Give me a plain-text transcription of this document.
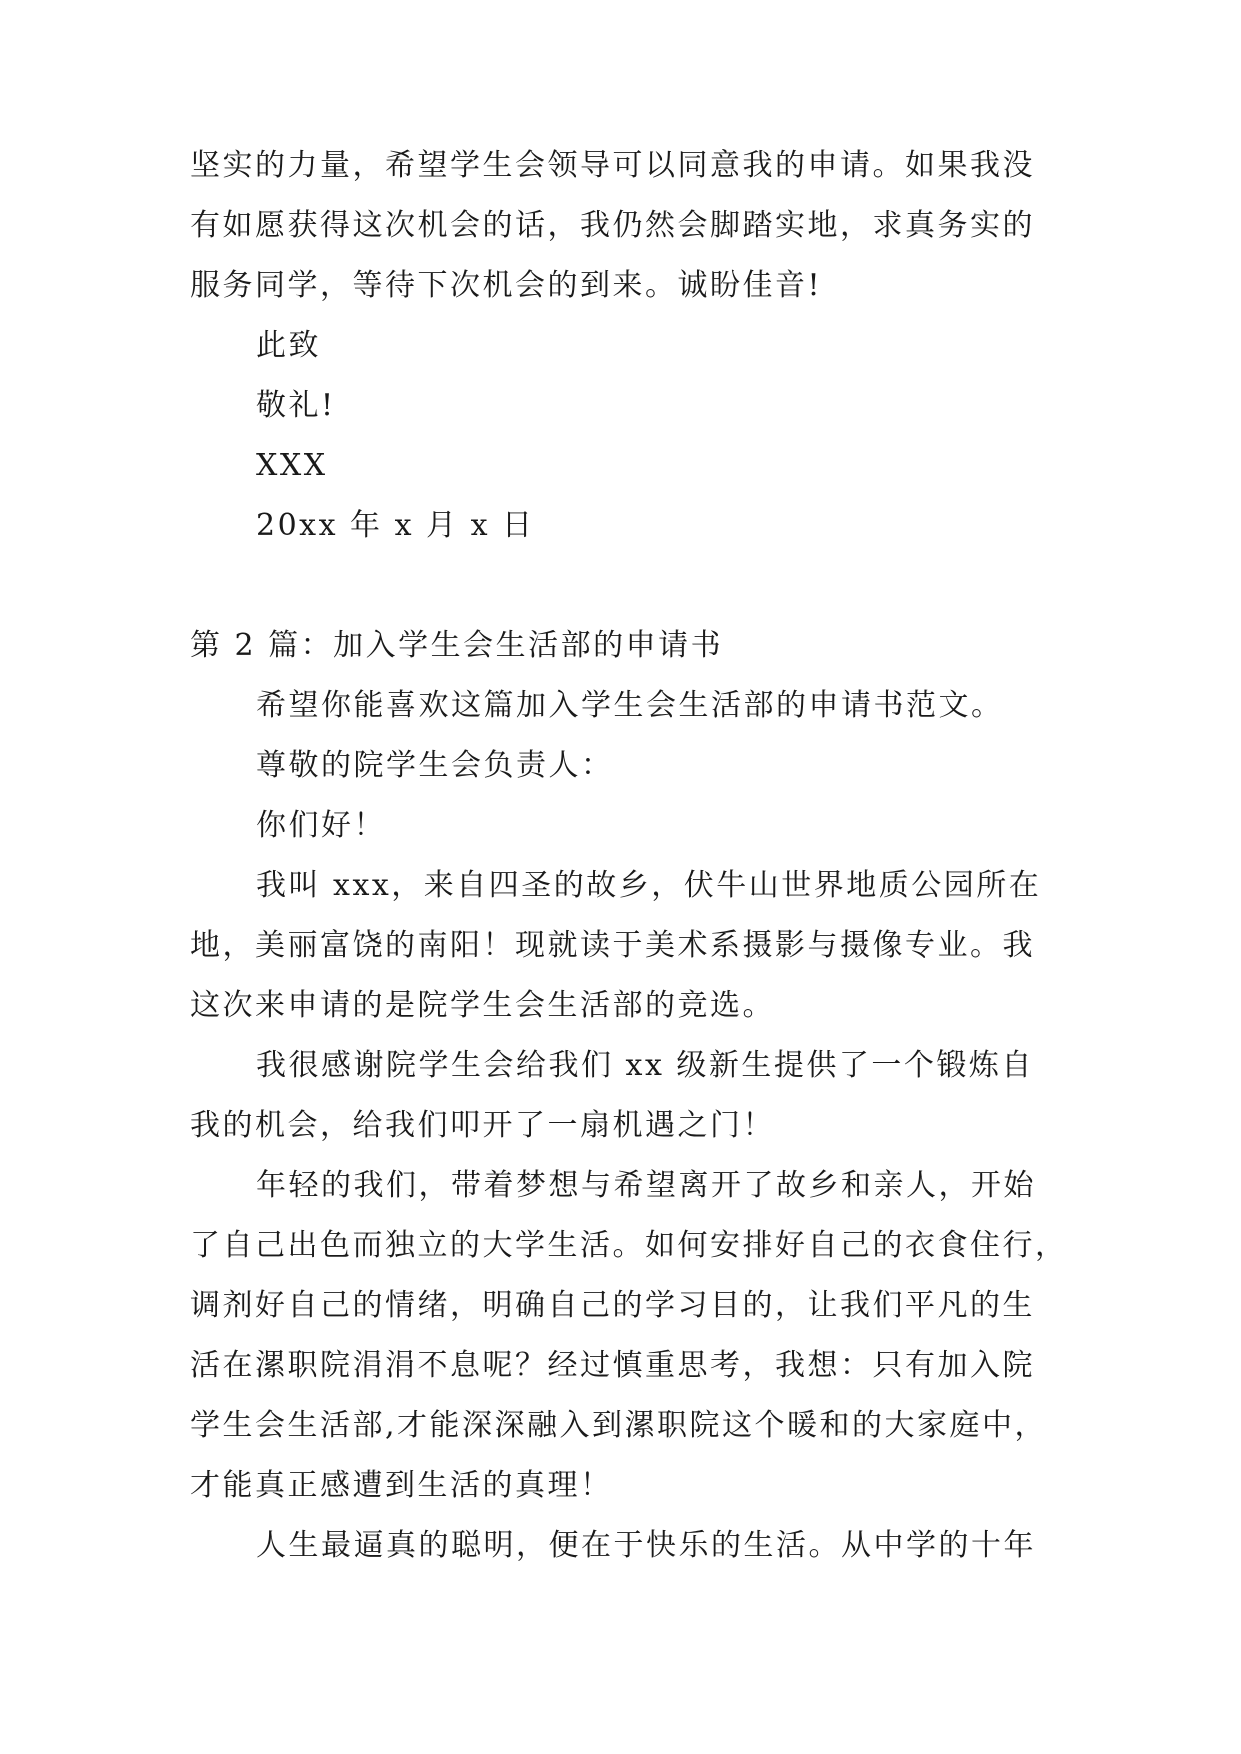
坚实的力量，希望学生会领导可以同意我的申请。如果我没
有如愿获得这次机会的话，我仍然会脚踏实地，求真务实的
服务同学，等待下次机会的到来。诚盼佳音!
此致
敬礼!
XXX
20xx 年 x 月 x 日
第 2 篇：加入学生会生活部的申请书
希望你能喜欢这篇加入学生会生活部的申请书范文。
尊敬的院学生会负责人：
你们好！
我叫 xxx，来自四圣的故乡，伏牛山世界地质公园所在
地，美丽富饶的南阳！现就读于美术系摄影与摄像专业。我
这次来申请的是院学生会生活部的竞选。
我很感谢院学生会给我们 xx 级新生提供了一个锻炼自
我的机会，给我们叩开了一扇机遇之门！
年轻的我们，带着梦想与希望离开了故乡和亲人，开始
了自己出色而独立的大学生活。如何安排好自己的衣食住行，
调剂好自己的情绪，明确自己的学习目的，让我们平凡的生
活在漯职院涓涓不息呢？经过慎重思考，我想：只有加入院
学生会生活部,才能深深融入到漯职院这个暖和的大家庭中，
才能真正感遭到生活的真理！
人生最逼真的聪明，便在于快乐的生活。从中学的十年
